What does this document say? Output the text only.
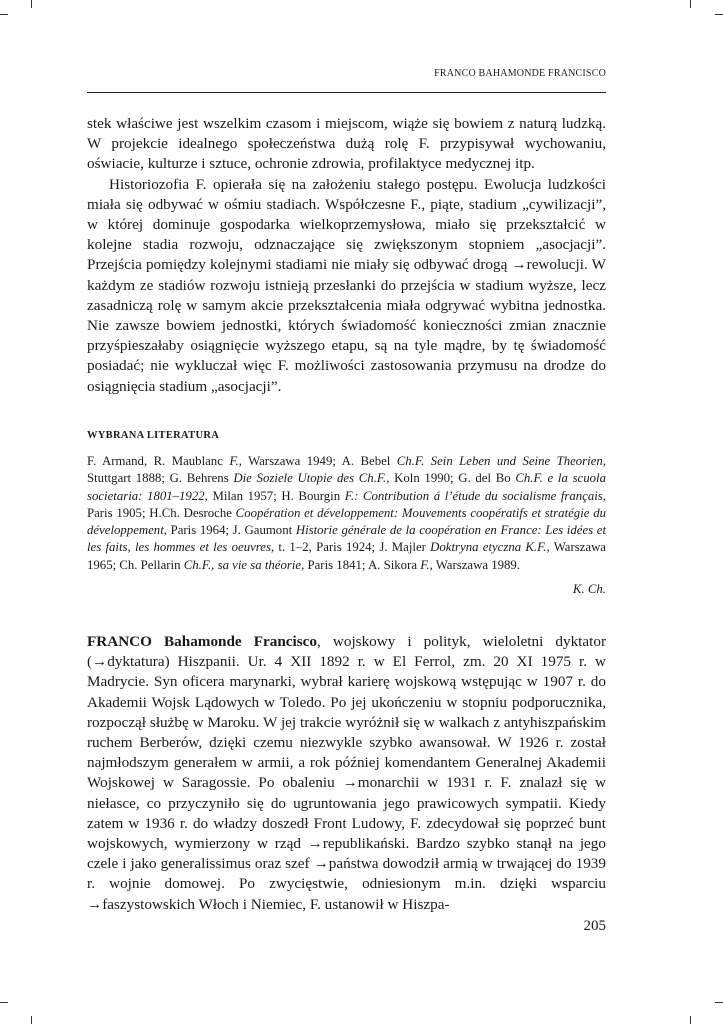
FRANCO BAHAMONDE FRANCISCO

stek właściwe jest wszelkim czasom i miejscom, wiąże się bowiem z naturą ludzką. W projekcie idealnego społeczeństwa dużą rolę F. przypisywał wychowaniu, oświacie, kulturze i sztuce, ochronie zdrowia, profilaktyce medycznej itp.

Historiozofia F. opierała się na założeniu stałego postępu. Ewolucja ludzkości miała się odbywać w ośmiu stadiach. Współczesne F., piąte, stadium „cywilizacji”, w której dominuje gospodarka wielkoprzemysłowa, miało się przekształcić w kolejne stadia rozwoju, odznaczające się zwiększonym stopniem „asocjacji”. Przejścia pomiędzy kolejnymi stadiami nie miały się odbywać drogą →rewolucji. W każdym ze stadiów rozwoju istnieją przesłanki do przejścia w stadium wyższe, lecz zasadniczą rolę w samym akcie przekształcenia miała odgrywać wybitna jednostka. Nie zawsze bowiem jednostki, których świadomość konieczności zmian znacznie przyśpieszałaby osiągnięcie wyższego etapu, są na tyle mądre, by tę świadomość posiadać; nie wykluczał więc F. możliwości zastosowania przymusu na drodze do osiągnięcia stadium „asocjacji”.

WYBRANA LITERATURA

F. Armand, R. Maublanc F., Warszawa 1949; A. Bebel Ch.F. Sein Leben und Seine Theorien, Stuttgart 1888; G. Behrens Die Soziele Utopie des Ch.F., Koln 1990; G. del Bo Ch.F. e la scuola societaria: 1801–1922, Milan 1957; H. Bourgin F.: Contribution á l’étude du socialisme français, Paris 1905; H.Ch. Desroche Coopération et développement: Mouvements coopératifs et stratégie du développement, Paris 1964; J. Gaumont Historie générale de la coopération en France: Les idées et les faits, les hommes et les oeuvres, t. 1–2, Paris 1924; J. Majler Doktryna etyczna K.F., Warszawa 1965; Ch. Pellarin Ch.F., sa vie sa théorie, Paris 1841; A. Sikora F., Warszawa 1989.

K. Ch.

FRANCO Bahamonde Francisco, wojskowy i polityk, wieloletni dyktator (→dyktatura) Hiszpanii. Ur. 4 XII 1892 r. w El Ferrol, zm. 20 XI 1975 r. w Madrycie. Syn oficera marynarki, wybrał karierę wojskową wstępując w 1907 r. do Akademii Wojsk Lądowych w Toledo. Po jej ukończeniu w stopniu podporucznika, rozpoczął służbę w Maroku. W jej trakcie wyróżnił się w walkach z antyhiszpańskim ruchem Berberów, dzięki czemu niezwykle szybko awansował. W 1926 r. został najmłodszym generałem w armii, a rok później komendantem Generalnej Akademii Wojskowej w Saragossie. Po obaleniu →monarchii w 1931 r. F. znalazł się w niełasce, co przyczyniło się do ugruntowania jego prawicowych sympatii. Kiedy zatem w 1936 r. do władzy doszedł Front Ludowy, F. zdecydował się poprzeć bunt wojskowych, wymierzony w rząd →republikański. Bardzo szybko stanął na jego czele i jako generalissimus oraz szef →państwa dowodził armią w trwającej do 1939 r. wojnie domowej. Po zwycięstwie, odniesionym m.in. dzięki wsparciu →faszystowskich Włoch i Niemiec, F. ustanowił w Hiszpa-

205
